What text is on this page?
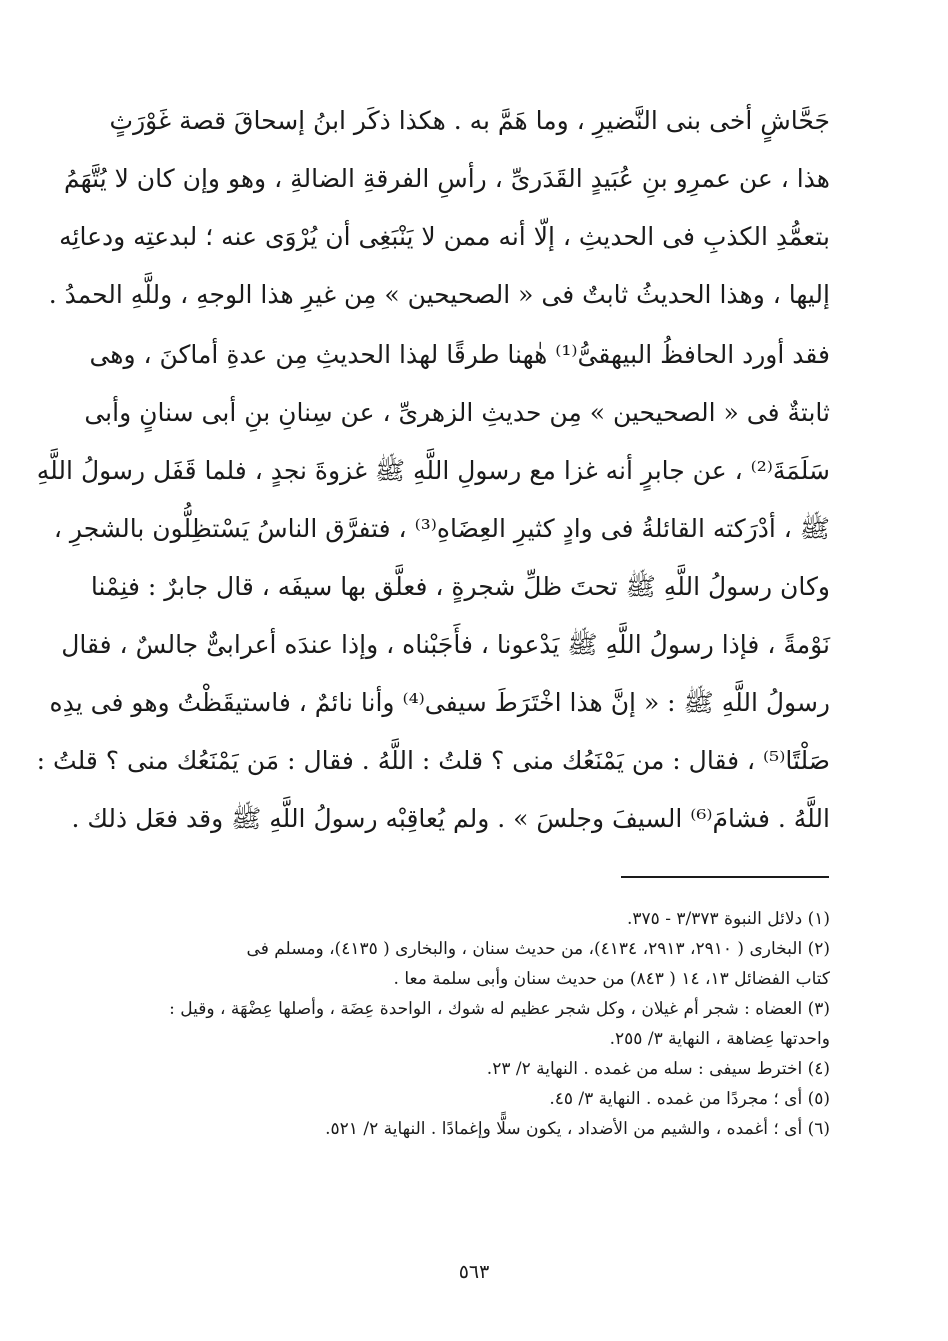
جَحَّاشٍ أخى بنى النَّضيرِ ، وما هَمَّ به . هكذا ذكَر ابنُ إسحاقَ قصة غَوْرَثٍ
هذا ، عن عمرِو بنِ عُبَيدٍ القَدَرىِّ ، رأسِ الفرقةِ الضالةِ ، وهو وإن كان لا يُتَّهَمُ
بتعمُّدِ الكذبِ فى الحديثِ ، إلّا أنه ممن لا يَنْبَغِى أن يُرْوَى عنه ؛ لبدعتِه ودعائِه
إليها ، وهذا الحديثُ ثابتٌ فى « الصحيحين » مِن غيرِ هذا الوجهِ ، وللَّهِ الحمدُ .
فقد أورد الحافظُ البيهقىُّ⁽¹⁾ هٰهنا طرقًا لهذا الحديثِ مِن عدةِ أماكنَ ، وهى
ثابتةٌ فى « الصحيحين » مِن حديثِ الزهرىِّ ، عن سِنانِ بنِ أبى سنانٍ وأبى
سَلَمَةَ⁽²⁾ ، عن جابرٍ أنه غزا مع رسولِ اللَّهِ ﷺ غزوةَ نجدٍ ، فلما قَفَل رسولُ اللَّهِ
ﷺ ، أدْرَكته القائلةُ فى وادٍ كثيرِ العِضَاهِ⁽³⁾ ، فتفرَّق الناسُ يَسْتظِلُّون بالشجرِ ،
وكان رسولُ اللَّهِ ﷺ تحتَ ظلِّ شجرةٍ ، فعلَّق بها سيفَه ، قال جابرٌ : فنِمْنا
نَوْمةً ، فإذا رسولُ اللَّهِ ﷺ يَدْعونا ، فأَجَبْناه ، وإذا عندَه أعرابىٌّ جالسٌ ، فقال
رسولُ اللَّهِ ﷺ : « إنَّ هذا اخْتَرَطَ سيفى⁽⁴⁾ وأنا نائمٌ ، فاستيقَظْتُ وهو فى يدِه
صَلْتًا⁽⁵⁾ ، فقال : من يَمْنَعُك منى ؟ قلتُ : اللَّهُ . فقال : مَن يَمْنَعُك منى ؟ قلتُ :
اللَّهُ . فشامَ⁽⁶⁾ السيفَ وجلسَ » . ولم يُعاقِبْه رسولُ اللَّهِ ﷺ وقد فعَل ذلك .
(١) دلائل النبوة ٣/٣٧٣ - ٣٧٥.
(٢) البخارى ( ٢٩١٠، ٢٩١٣، ٤١٣٤)، من حديث سنان ، والبخارى ( ٤١٣٥)، ومسلم فى
كتاب الفضائل ١٣، ١٤ ( ٨٤٣) من حديث سنان وأبى سلمة معا .
(٣) العضاه : شجر أم غيلان ، وكل شجر عظيم له شوك ، الواحدة عِضَة ، وأصلها عِضْهَة ، وقيل :
واحدتها عِضاهة ، النهاية ٣/ ٢٥٥.
(٤) اخترط سيفى : سله من غمده . النهاية ٢/ ٢٣.
(٥) أى ؛ مجردًا من غمده . النهاية ٣/ ٤٥.
(٦) أى ؛ أغمده ، والشيم من الأضداد ، يكون سلًّا وإغمادًا . النهاية ٢/ ٥٢١.
٥٦٣
